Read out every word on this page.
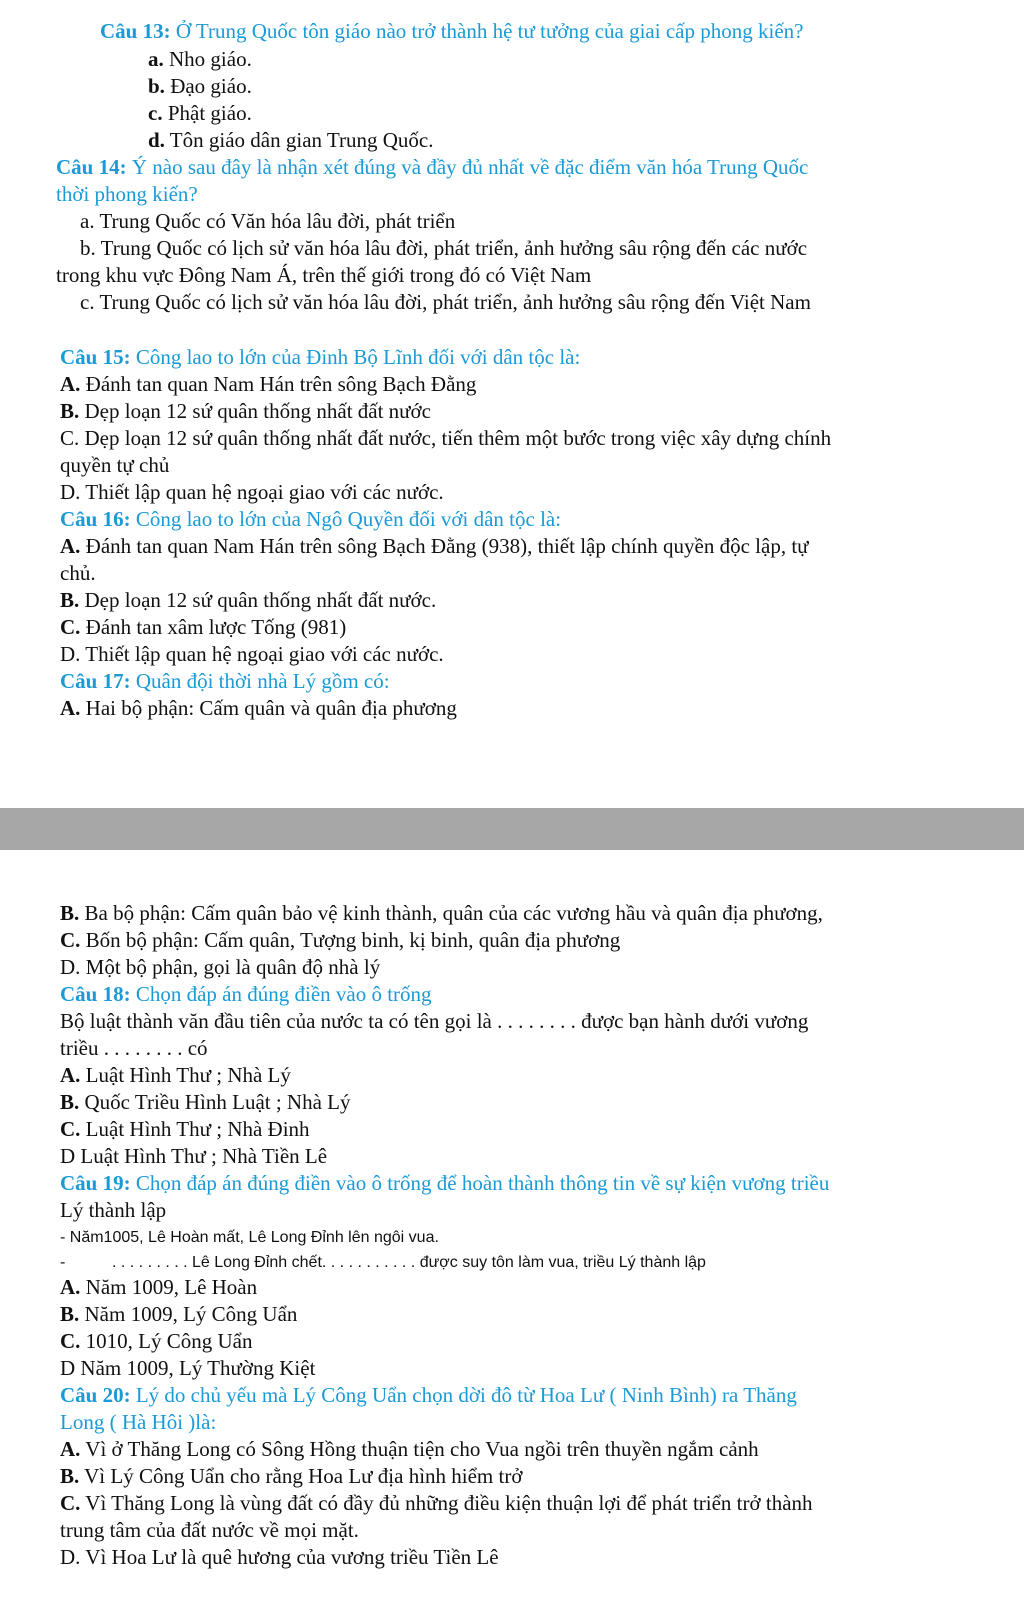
Câu 13: Ở Trung Quốc tôn giáo nào trở thành hệ tư tưởng của giai cấp phong kiến?
a. Nho giáo.
b. Đạo giáo.
c. Phật giáo.
d. Tôn giáo dân gian Trung Quốc.
Câu 14: Ý nào sau đây là nhận xét đúng và đầy đủ nhất về đặc điểm văn hóa Trung Quốc
thời phong kiến?
a. Trung Quốc có Văn hóa lâu đời, phát triển
b. Trung Quốc có lịch sử văn hóa lâu đời, phát triển, ảnh hưởng sâu rộng đến các nước
trong khu vực Đông Nam Á, trên thế giới trong đó có Việt Nam
c. Trung Quốc có lịch sử văn hóa lâu đời, phát triển, ảnh hưởng sâu rộng đến Việt Nam
Câu 15: Công lao to lớn của Đinh Bộ Lĩnh đối với dân tộc là:
A. Đánh tan quan Nam Hán trên sông Bạch Đằng
B. Dẹp loạn 12 sứ quân thống nhất đất nước
C. Dẹp loạn 12 sứ quân thống nhất đất nước, tiến thêm một bước trong việc xây dựng chính
quyền tự chủ
D. Thiết lập quan hệ ngoại giao với các nước.
Câu 16: Công lao to lớn của Ngô Quyền đối với dân tộc là:
A. Đánh tan quan Nam Hán trên sông Bạch Đằng (938), thiết lập chính quyền độc lập, tự
chủ.
B. Dẹp loạn 12 sứ quân thống nhất đất nước.
C. Đánh tan xâm lược Tống (981)
D. Thiết lập quan hệ ngoại giao với các nước.
Câu 17: Quân đội thời nhà Lý gồm có:
A. Hai bộ phận: Cấm quân và quân địa phương
B. Ba bộ phận: Cấm quân bảo vệ kinh thành, quân của các vương hầu và quân địa phương,
C. Bốn bộ phận: Cấm quân, Tượng binh, kị binh, quân địa phương
D. Một bộ phận, gọi là quân độ nhà lý
Câu 18: Chọn đáp án đúng điền vào ô trống
Bộ luật thành văn đầu tiên của nước ta có tên gọi là . . . . . . . . được bạn hành dưới vương
triều . . . . . . . . có
A. Luật Hình Thư ; Nhà Lý
B. Quốc Triều Hình Luật ; Nhà Lý
C. Luật Hình Thư ; Nhà Đinh
D Luật Hình Thư ; Nhà Tiền Lê
Câu 19: Chọn đáp án đúng điền vào ô trống để hoàn thành thông tin về sự kiện vương triều
Lý thành lập
- Năm1005, Lê Hoàn mất, Lê Long Đỉnh lên ngôi vua.
-	. . . . . . . . . Lê Long Đỉnh chết. . . . . . . . . . . được suy tôn làm vua, triều Lý thành lập
A. Năm 1009, Lê Hoàn
B. Năm 1009, Lý Công Uẩn
C. 1010, Lý Công Uẩn
D Năm 1009, Lý Thường Kiệt
Câu 20: Lý do chủ yếu mà Lý Công Uẩn chọn dời đô từ Hoa Lư ( Ninh Bình) ra Thăng
Long ( Hà Hôi )là:
A. Vì ở Thăng Long có Sông Hồng thuận tiện cho Vua ngồi trên thuyền ngắm cảnh
B. Vì Lý Công Uẩn cho rằng Hoa Lư địa hình hiểm trở
C. Vì Thăng Long là vùng đất có đầy đủ những điều kiện thuận lợi để phát triển trở thành
trung tâm của đất nước về mọi mặt.
D. Vì Hoa Lư là quê hương của vương triều Tiền Lê
